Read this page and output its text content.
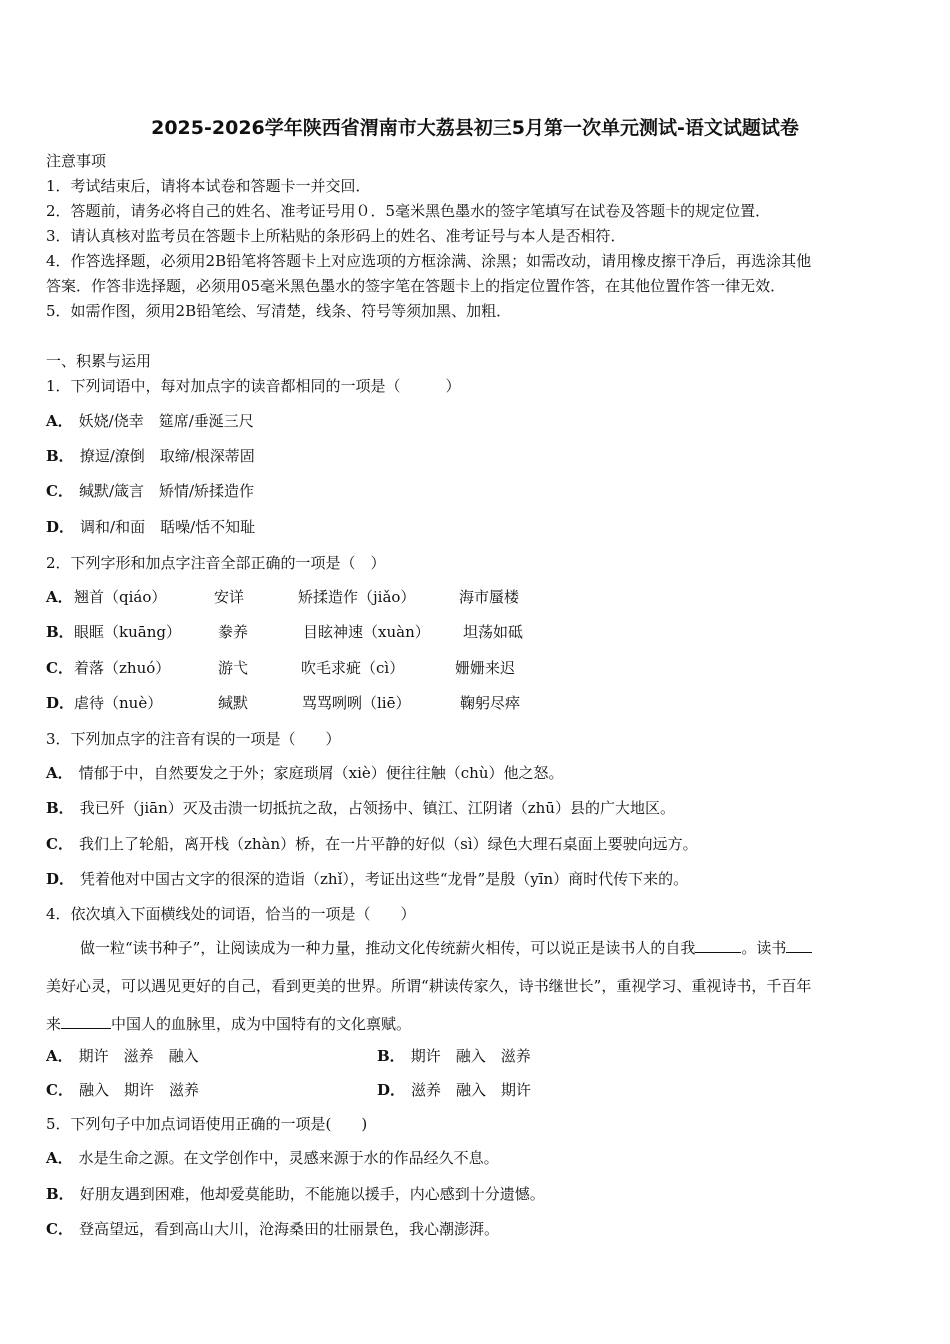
2025-2026学年陕西省渭南市大荔县初三5月第一次单元测试-语文试题试卷
注意事项
1．考试结束后，请将本试卷和答题卡一并交回．
2．答题前，请务必将自己的姓名、准考证号用０．5毫米黑色墨水的签字笔填写在试卷及答题卡的规定位置．
3．请认真核对监考员在答题卡上所粘贴的条形码上的姓名、准考证号与本人是否相符．
4．作答选择题，必须用2B铅笔将答题卡上对应选项的方框涂满、涂黑；如需改动，请用橡皮擦干净后，再选涂其他
答案．作答非选择题，必须用05毫米黑色墨水的签字笔在答题卡上的指定位置作答，在其他位置作答一律无效．
5．如需作图，须用2B铅笔绘、写清楚，线条、符号等须加黑、加粗．
一、积累与运用
1．下列词语中，每对加点字的读音都相同的一项是（　　　）
A． 妖娆/侥幸　筵席/垂涎三尺
B． 撩逗/潦倒　取缔/根深蒂固
C． 缄默/箴言　矫情/矫揉造作
D． 调和/和面　聒噪/恬不知耻
2．下列字形和加点字注音全部正确的一项是（　）
A． 翘首（qiáo）	安详	矫揉造作（jiǎo）	海市蜃楼
B． 眼眶（kuāng）	豢养	目眩神速（xuàn）	坦荡如砥
C． 着落（zhuó）	游弋	吹毛求疵（cì）	姗姗来迟
D． 虐待（nuè）	缄默	骂骂咧咧（liē）	鞠躬尽瘁
3．下列加点字的注音有误的一项是（　　）
A． 情郁于中，自然要发之于外；家庭琐屑（xiè）便往往触（chù）他之怒。
B． 我已歼（jiān）灭及击溃一切抵抗之敌，占领扬中、镇江、江阴诸（zhū）县的广大地区。
C． 我们上了轮船，离开栈（zhàn）桥，在一片平静的好似（sì）绿色大理石桌面上要驶向远方。
D． 凭着他对中国古文字的很深的造诣（zhǐ），考证出这些“龙骨”是殷（yīn）商时代传下来的。
4．依次填入下面横线处的词语，恰当的一项是（　　）
做一粒“读书种子”，让阅读成为一种力量，推动文化传统薪火相传，可以说正是读书人的自我	。读书
美好心灵，可以遇见更好的自己，看到更美的世界。所谓“耕读传家久，诗书继世长”，重视学习、重视诗书，千百年
来	中国人的血脉里，成为中国特有的文化禀赋。
A． 期许　滋养　融入	B． 期许　融入　滋养
C． 融入　期许　滋养	D． 滋养　融入　期许
5．下列句子中加点词语使用正确的一项是(　　)
A． 水是生命之源。在文学创作中，灵感来源于水的作品经久不息。
B． 好朋友遇到困难，他却爱莫能助，不能施以援手，内心感到十分遗憾。
C． 登高望远，看到高山大川，沧海桑田的壮丽景色，我心潮澎湃。
